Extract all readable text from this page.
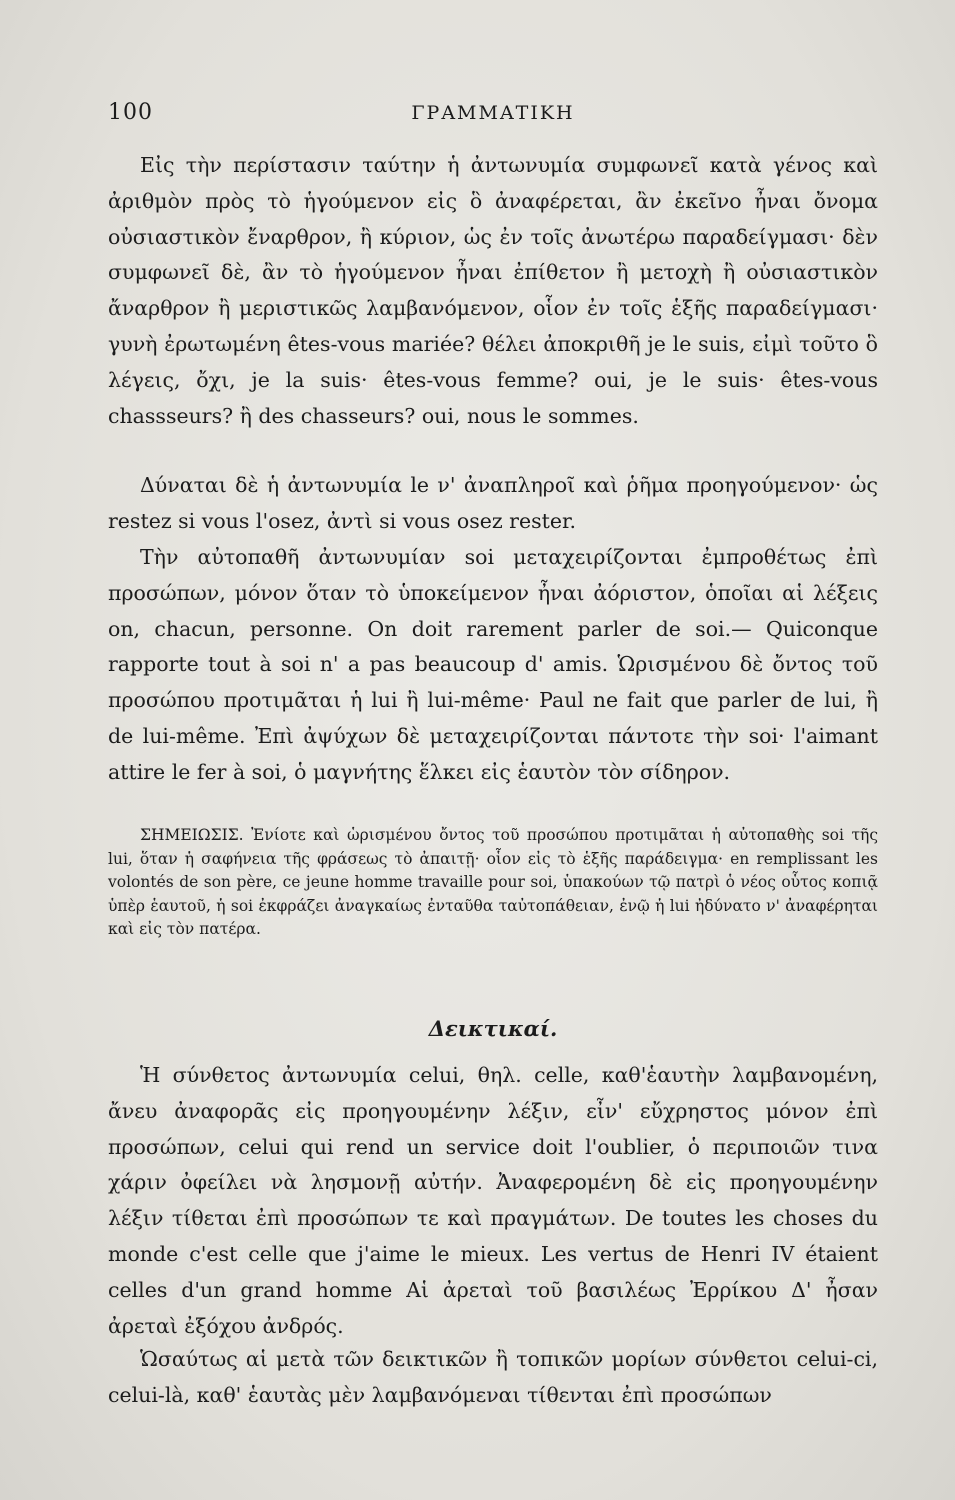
100	ΓΡΑΜΜΑΤΙΚΗ

Εἰς τὴν περίστασιν ταύτην ἡ ἀντωνυμία συμφωνεῖ κατὰ γένος καὶ ἀριθμὸν πρὸς τὸ ἡγούμενον εἰς ὃ ἀναφέρεται, ἂν ἐκεῖνο ἦναι ὄνομα οὐσιαστικὸν ἔναρθρον, ἢ κύριον, ὡς ἐν τοῖς ἀνωτέρω παραδείγμασι· δὲν συμφωνεῖ δὲ, ἂν τὸ ἡγούμενον ἦναι ἐπίθετον ἢ μετοχὴ ἢ οὐσιαστικὸν ἄναρθρον ἢ μεριστικῶς λαμβανόμενον, οἷον ἐν τοῖς ἑξῆς παραδείγμασι· γυνὴ ἐρωτωμένη êtes-vous mariée? θέλει ἀποκριθῆ je le suis, εἰμὶ τοῦτο ὃ λέγεις, ὄχι, je la suis· êtes-vous femme? oui, je le suis· êtes-vous chassseurs? ἢ des chasseurs? oui, nous le sommes.

Δύναται δὲ ἡ ἀντωνυμία le ν' ἀναπληροῖ καὶ ῥῆμα προηγούμενον· ὡς restez si vous l'osez, ἀντὶ si vous osez rester.

Τὴν αὐτοπαθῆ ἀντωνυμίαν soi μεταχειρίζονται ἐμπροθέτως ἐπὶ προσώπων, μόνον ὅταν τὸ ὑποκείμενον ἦναι ἀόριστον, ὁποῖαι αἱ λέξεις on, chacun, personne. On doit rarement parler de soi.— Quiconque rapporte tout à soi n' a pas beaucoup d' amis. Ὡρισμένου δὲ ὄντος τοῦ προσώπου προτιμᾶται ἡ lui ἢ lui-même· Paul ne fait que parler de lui, ἢ de lui-même. Ἐπὶ ἀψύχων δὲ μεταχειρίζονται πάντοτε τὴν soi· l'aimant attire le fer à soi, ὁ μαγνήτης ἕλκει εἰς ἑαυτὸν τὸν σίδηρον.

ΣΗΜΕΙΩΣΙΣ. Ἐνίοτε καὶ ὡρισμένου ὄντος τοῦ προσώπου προτιμᾶται ἡ αὐτοπαθὴς soi τῆς lui, ὅταν ἡ σαφήνεια τῆς φράσεως τὸ ἀπαιτῇ· οἷον εἰς τὸ ἑξῆς παράδειγμα· en remplissant les volontés de son père, ce jeune homme travaille pour soi, ὑπακούων τῷ πατρὶ ὁ νέος οὗτος κοπιᾷ ὑπὲρ ἑαυτοῦ, ἡ soi ἐκφράζει ἀναγκαίως ἐνταῦθα ταὐτοπάθειαν, ἐνῷ ἡ lui ἠδύνατο ν' ἀναφέρηται καὶ εἰς τὸν πατέρα.

Δεικτικαί.

Ἡ σύνθετος ἀντωνυμία celui, θηλ. celle, καθ'ἑαυτὴν λαμβανομένη, ἄνευ ἀναφορᾶς εἰς προηγουμένην λέξιν, εἶν' εὔχρηστος μόνον ἐπὶ προσώπων, celui qui rend un service doit l'oublier, ὁ περιποιῶν τινα χάριν ὀφείλει νὰ λησμονῇ αὐτήν. Ἀναφερομένη δὲ εἰς προηγουμένην λέξιν τίθεται ἐπὶ προσώπων τε καὶ πραγμάτων. De toutes les choses du monde c'est celle que j'aime le mieux. Les vertus de Henri IV étaient celles d'un grand homme Αἱ ἀρεταὶ τοῦ βασιλέως Ἐρρίκου Δ' ἦσαν ἀρεταὶ ἐξόχου ἀνδρός.

Ὡσαύτως αἱ μετὰ τῶν δεικτικῶν ἢ τοπικῶν μορίων σύνθετοι celui-ci, celui-là, καθ' ἑαυτὰς μὲν λαμβανόμεναι τίθενται ἐπὶ προσώπων
